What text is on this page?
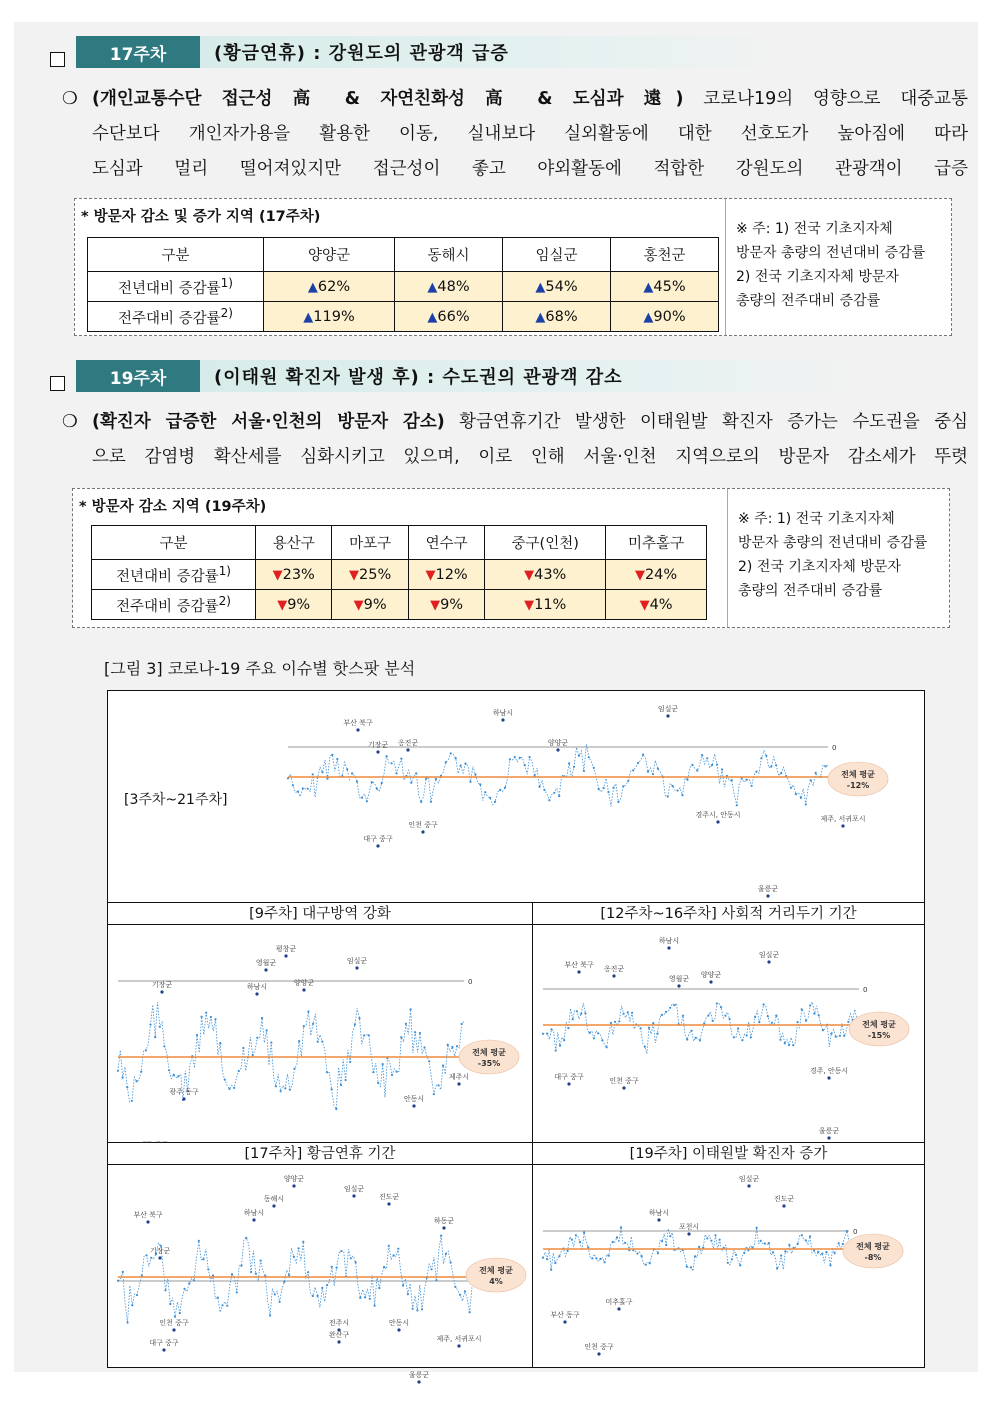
17주차	(황금연휴) : 강원도의 관광객 급증
❍ (개인교통수단 접근성 高 & 자연친화성 高 & 도심과 遠) 코로나19의 영향으로 대중교통
수단보다 개인자가용을 활용한 이동, 실내보다 실외활동에 대한 선호도가 높아짐에 따라
도심과 멀리 떨어져있지만 접근성이 좋고 야외활동에 적합한 강원도의 관광객이 급증
* 방문자 감소 및 증가 지역 (17주차)
구분	양양군	동해시	임실군	홍천군
전년대비 증감률$^{1)}$	▲62%	▲48%	▲54%	▲45%
전주대비 증감률$^{2)}$	▲119%	▲66%	▲68%	▲90%
※ 주: 1) 전국 기초지자체
방문자 총량의 전년대비 증감률
2) 전국 기초지자체 방문자
총량의 전주대비 증감률
19주차	(이태원 확진자 발생 후) : 수도권의 관광객 감소
❍ (확진자 급증한 서울·인천의 방문자 감소) 황금연휴기간 발생한 이태원발 확진자 증가는 수도권을 중심
으로 감염병 확산세를 심화시키고 있으며, 이로 인해 서울·인천 지역으로의 방문자 감소세가 뚜렷
* 방문자 감소 지역 (19주차)
구분	용산구	마포구	연수구	중구(인천)	미추홀구
전년대비 증감률$^{1)}$	▼23%	▼25%	▼12%	▼43%	▼24%
전주대비 증감률$^{2)}$	▼9%	▼9%	▼9%	▼11%	▼4%
※ 주: 1) 전국 기초지자체
방문자 총량의 전년대비 증감률
2) 전국 기초지자체 방문자
총량의 전주대비 증감률
[그림 3] 코로나-19 주요 이슈별 핫스팟 분석
[3주차~21주차]
0
전체 평균
-12%
부산 북구
기장군 옹진군
하남시
양양군
임실군
인천 중구
대구 중구
경주시, 안동시	제주, 서귀포시
울릉군
[9주차] 대구방역 강화
0
전체 평균
-35%
평창군
영월군	임실군
기장군	하남시	양양군
광주 동구
제주시
안동시
[12주차~16주차] 사회적 거리두기 기간
0
전체 평균
-15%
하남시
임실군
부산 북구 옹진군
영월군 양양군
대구 중구	인천 중구
경주, 안동시
울릉군
[17주차] 황금연휴 기간
전체 평균
4%
양양군
동해시
임실군
진도군
부산 북구	하남시
하동군
기장군
인천 중구	전주시
완산구
안동시
대구 중구	제주, 서귀포시
울릉군
[19주차] 이태원발 확진자 증가
0
전체 평균
-8%
임실군
진도군
하남시
포천시
미추홀구
부산 동구
인천 중구
